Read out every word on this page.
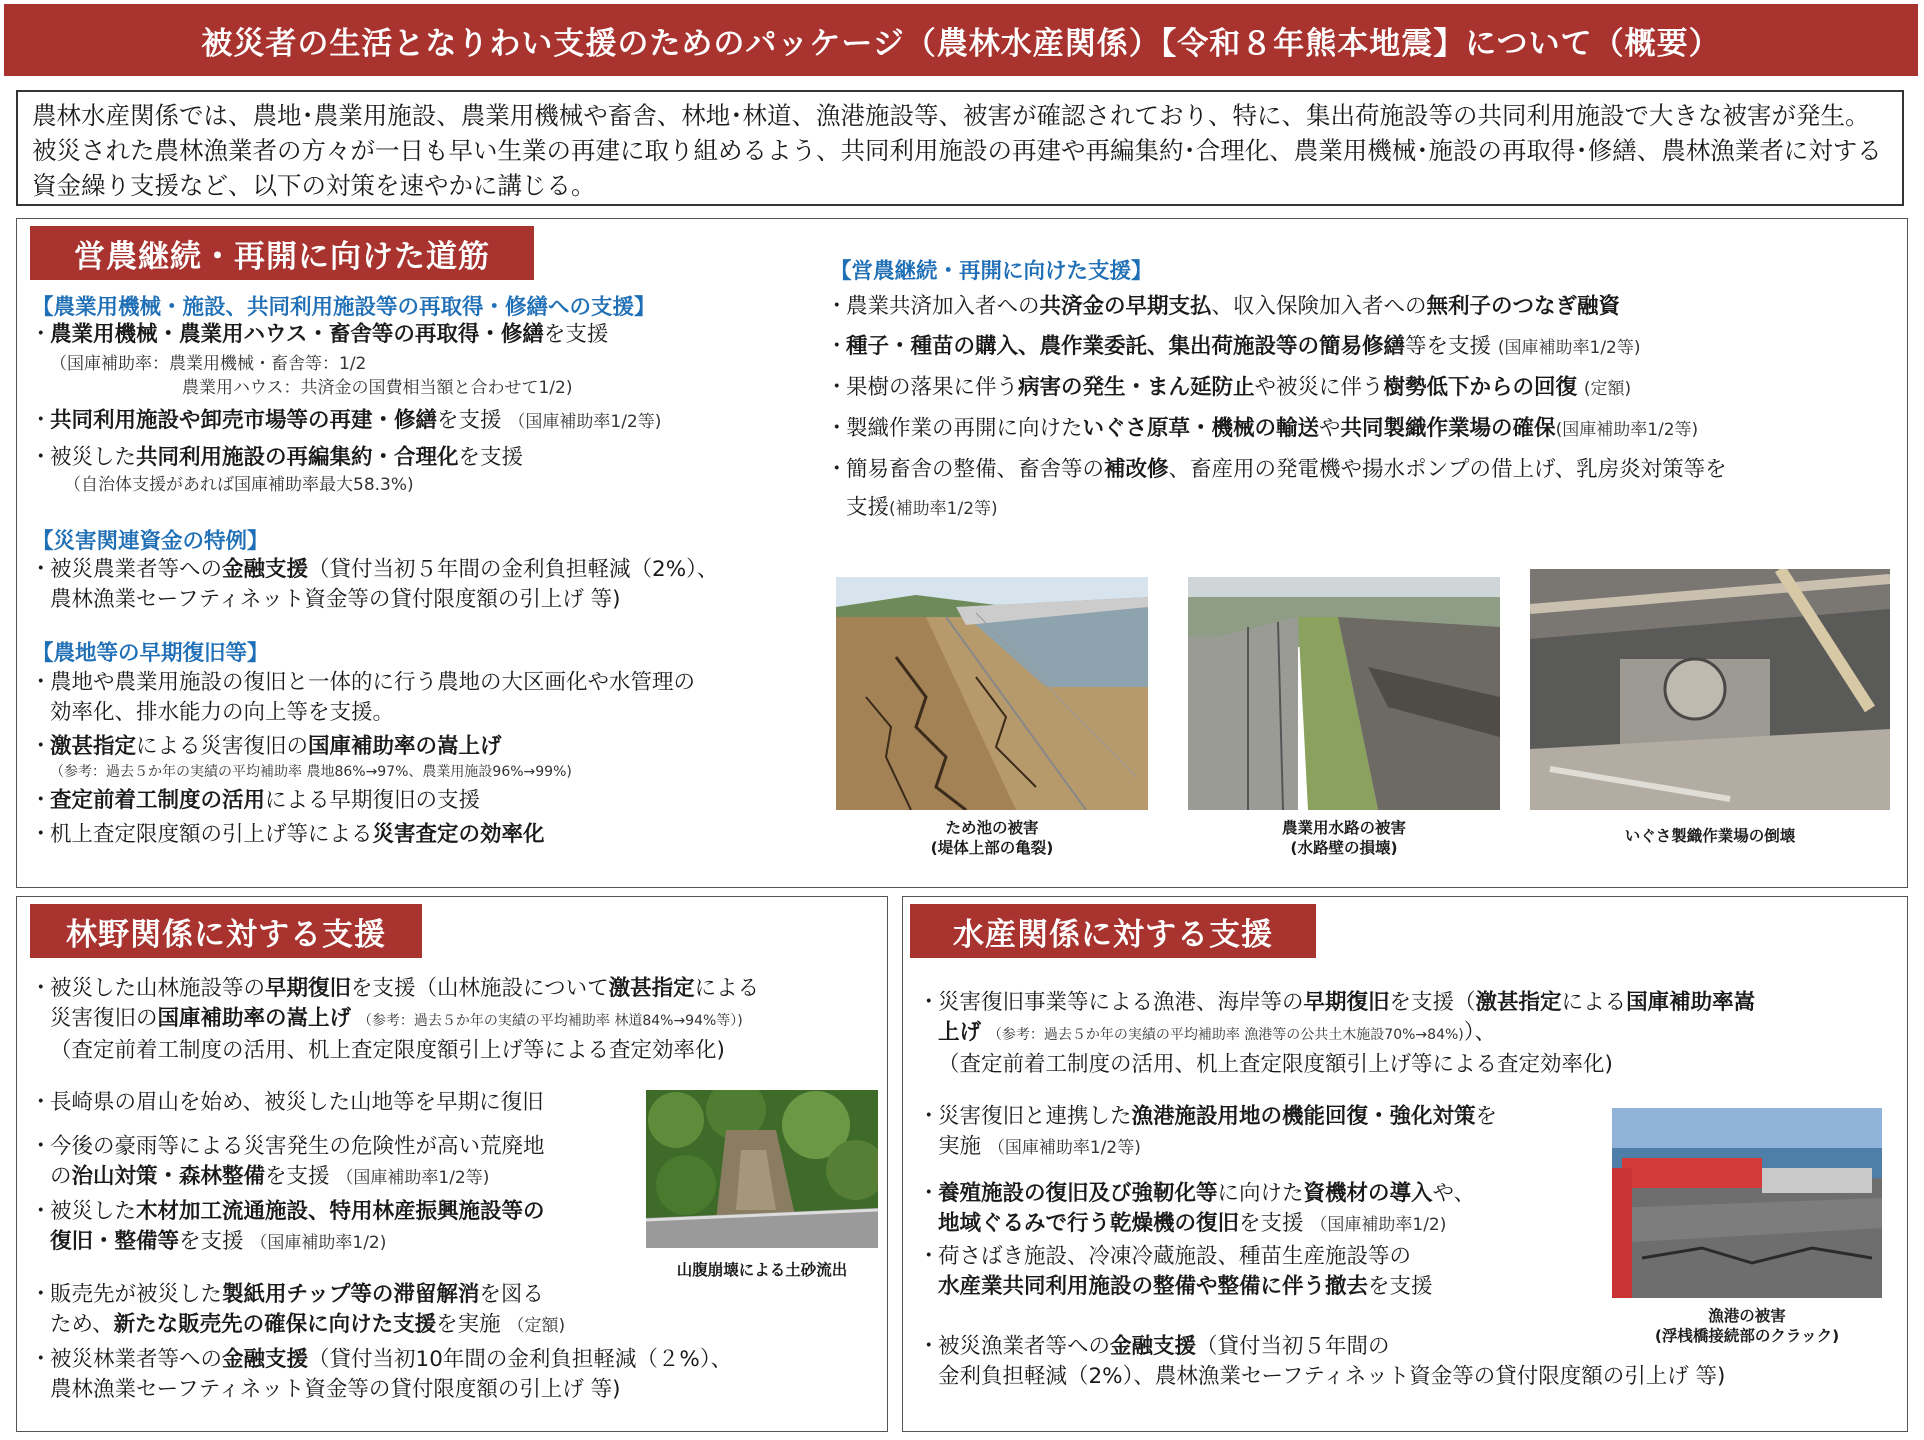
被災者の生活となりわい支援のためのパッケージ（農林水産関係）【令和８年熊本地震】について（概要）
農林水産関係では、農地･農業用施設、農業用機械や畜舎、林地･林道、漁港施設等、被害が確認されており、特に、集出荷施設等の共同利用施設で大きな被害が発生。被災された農林漁業者の方々が一日も早い生業の再建に取り組めるよう、共同利用施設の再建や再編集約･合理化、農業用機械･施設の再取得･修繕、農林漁業者に対する資金繰り支援など、以下の対策を速やかに講じる。
営農継続・再開に向けた道筋
【農業用機械・施設、共同利用施設等の再取得・修繕への支援】
・ 農業用機械・農業用ハウス・畜舎等の再取得・修繕を支援
（国庫補助率：農業用機械・畜舎等：1/2
農業用ハウス：共済金の国費相当額と合わせて1/2)
・ 共同利用施設や卸売市場等の再建・修繕を支援 （国庫補助率1/2等)
・ 被災した共同利用施設の再編集約・合理化を支援
（自治体支援があれば国庫補助率最大58.3%)
【災害関連資金の特例】
・ 被災農業者等への金融支援（貸付当初５年間の金利負担軽減（2%）、
農林漁業セーフティネット資金等の貸付限度額の引上げ 等)
【農地等の早期復旧等】
・ 農地や農業用施設の復旧と一体的に行う農地の大区画化や水管理の
効率化、排水能力の向上等を支援。
・ 激甚指定による災害復旧の国庫補助率の嵩上げ
（参考：過去５か年の実績の平均補助率 農地86%→97%、農業用施設96%→99%)
・ 査定前着工制度の活用による早期復旧の支援
・ 机上査定限度額の引上げ等による災害査定の効率化
【営農継続・再開に向けた支援】
・ 農業共済加入者への共済金の早期支払、収入保険加入者への無利子のつなぎ融資
・ 種子・種苗の購入、農作業委託、集出荷施設等の簡易修繕等を支援 (国庫補助率1/2等)
・ 果樹の落果に伴う病害の発生・まん延防止や被災に伴う樹勢低下からの回復 (定額)
・ 製織作業の再開に向けたいぐさ原草・機械の輸送や共同製織作業場の確保(国庫補助率1/2等)
・ 簡易畜舎の整備、畜舎等の補改修、畜産用の発電機や揚水ポンプの借上げ、乳房炎対策等を
支援(補助率1/2等)
ため池の被害
(堤体上部の亀裂)
農業用水路の被害
(水路壁の損壊)
いぐさ製織作業場の倒壊
林野関係に対する支援
・ 被災した山林施設等の早期復旧を支援（山林施設について激甚指定による
災害復旧の国庫補助率の嵩上げ （参考：過去５か年の実績の平均補助率 林道84%→94%等）)
（査定前着工制度の活用、机上査定限度額引上げ等による査定効率化)
・ 長崎県の眉山を始め、被災した山地等を早期に復旧
・ 今後の豪雨等による災害発生の危険性が高い荒廃地
の治山対策・森林整備を支援 （国庫補助率1/2等)
・ 被災した木材加工流通施設、特用林産振興施設等の
復旧・整備等を支援 （国庫補助率1/2)
・ 販売先が被災した製紙用チップ等の滞留解消を図る
ため、新たな販売先の確保に向けた支援を実施 （定額)
・ 被災林業者等への金融支援（貸付当初10年間の金利負担軽減（２%）、
農林漁業セーフティネット資金等の貸付限度額の引上げ 等)
山腹崩壊による土砂流出
水産関係に対する支援
・ 災害復旧事業等による漁港、海岸等の早期復旧を支援（激甚指定による国庫補助率嵩
上げ （参考：過去５か年の実績の平均補助率 漁港等の公共土木施設70%→84%)）、
（査定前着工制度の活用、机上査定限度額引上げ等による査定効率化)
・ 災害復旧と連携した漁港施設用地の機能回復・強化対策を
実施 （国庫補助率1/2等)
・ 養殖施設の復旧及び強靭化等に向けた資機材の導入や、
地域ぐるみで行う乾燥機の復旧を支援 （国庫補助率1/2)
・ 荷さばき施設、冷凍冷蔵施設、種苗生産施設等の
水産業共同利用施設の整備や整備に伴う撤去を支援
・ 被災漁業者等への金融支援（貸付当初５年間の
金利負担軽減（2%）、農林漁業セーフティネット資金等の貸付限度額の引上げ 等)
漁港の被害
(浮桟橋接続部のクラック)
